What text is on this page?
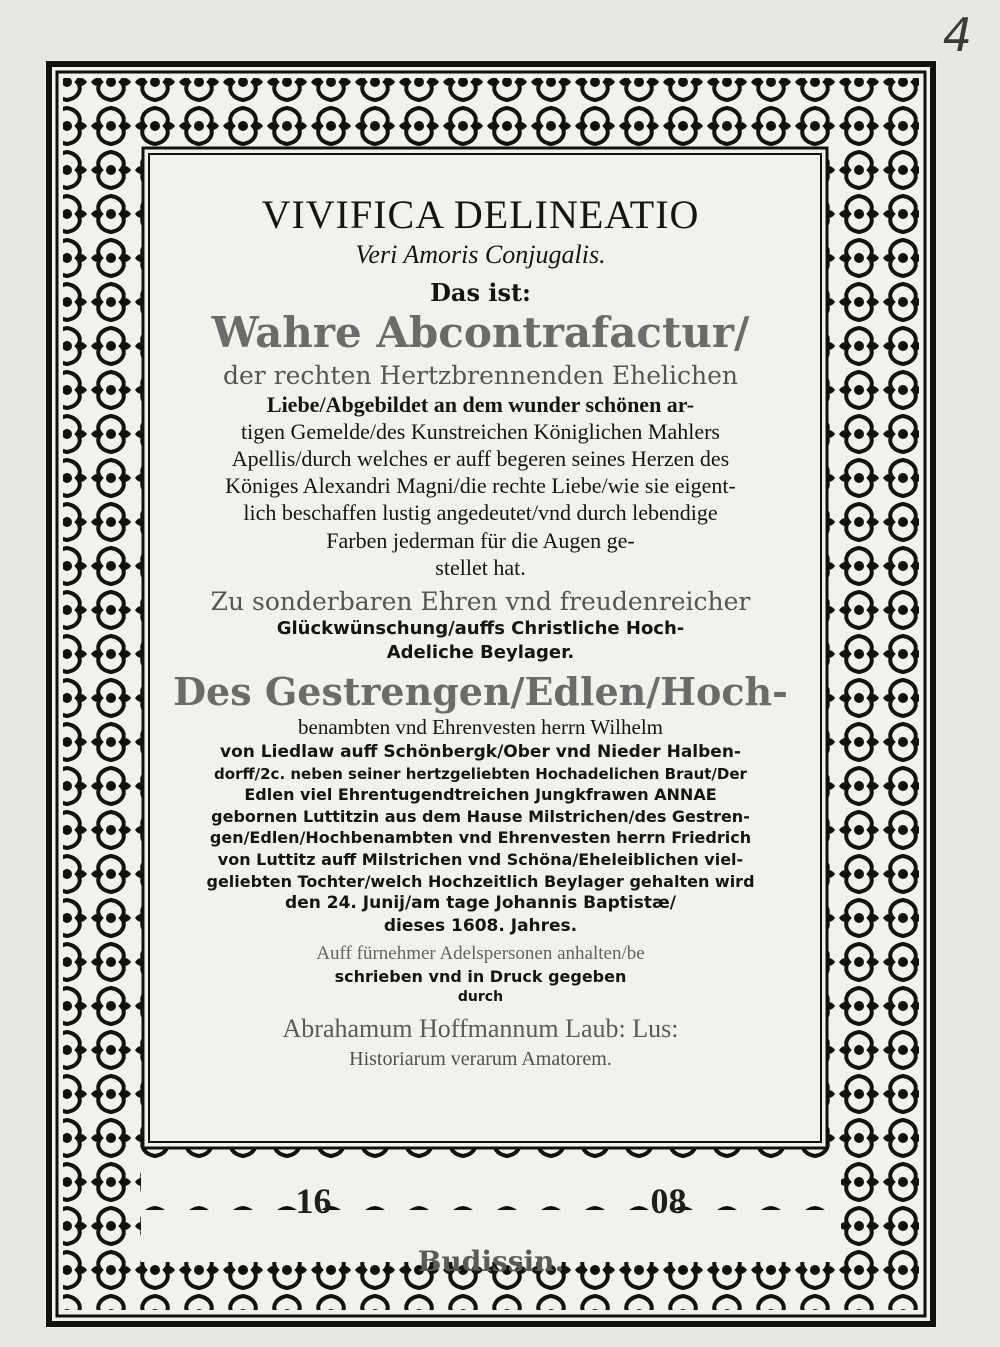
4
16	08
Budissin.
VIVIFICA DELINEATIO
Veri Amoris Conjugalis.
Das ist:
Wahre Abcontrafactur/
der rechten Hertzbrennenden Ehelichen
Liebe/Abgebildet an dem wunder schönen ar-
tigen Gemelde/des Kunstreichen Königlichen Mahlers
Apellis/durch welches er auff begeren seines Herzen des
Königes Alexandri Magni/die rechte Liebe/wie sie eigent-
lich beschaffen lustig angedeutet/vnd durch lebendige
Farben jederman für die Augen ge-
stellet hat.
Zu sonderbaren Ehren vnd freudenreicher
Glückwünschung/auffs Christliche Hoch-
Adeliche Beylager.
Des Gestrengen/Edlen/Hoch-
benambten vnd Ehrenvesten herrn Wilhelm
von Liedlaw auff Schönbergk/Ober vnd Nieder Halben-
dorff/2c. neben seiner hertzgeliebten Hochadelichen Braut/Der
Edlen viel Ehrentugendtreichen Jungkfrawen ANNAE
gebornen Luttitzin aus dem Hause Milstrichen/des Gestren-
gen/Edlen/Hochbenambten vnd Ehrenvesten herrn Friedrich
von Luttitz auff Milstrichen vnd Schöna/Eheleiblichen viel-
geliebten Tochter/welch Hochzeitlich Beylager gehalten wird
den 24. Junij/am tage Johannis Baptistæ/
dieses 1608. Jahres.
Auff fürnehmer Adelspersonen anhalten/be
schrieben vnd in Druck gegeben
durch
Abrahamum Hoffmannum Laub: Lus:
Historiarum verarum Amatorem.
